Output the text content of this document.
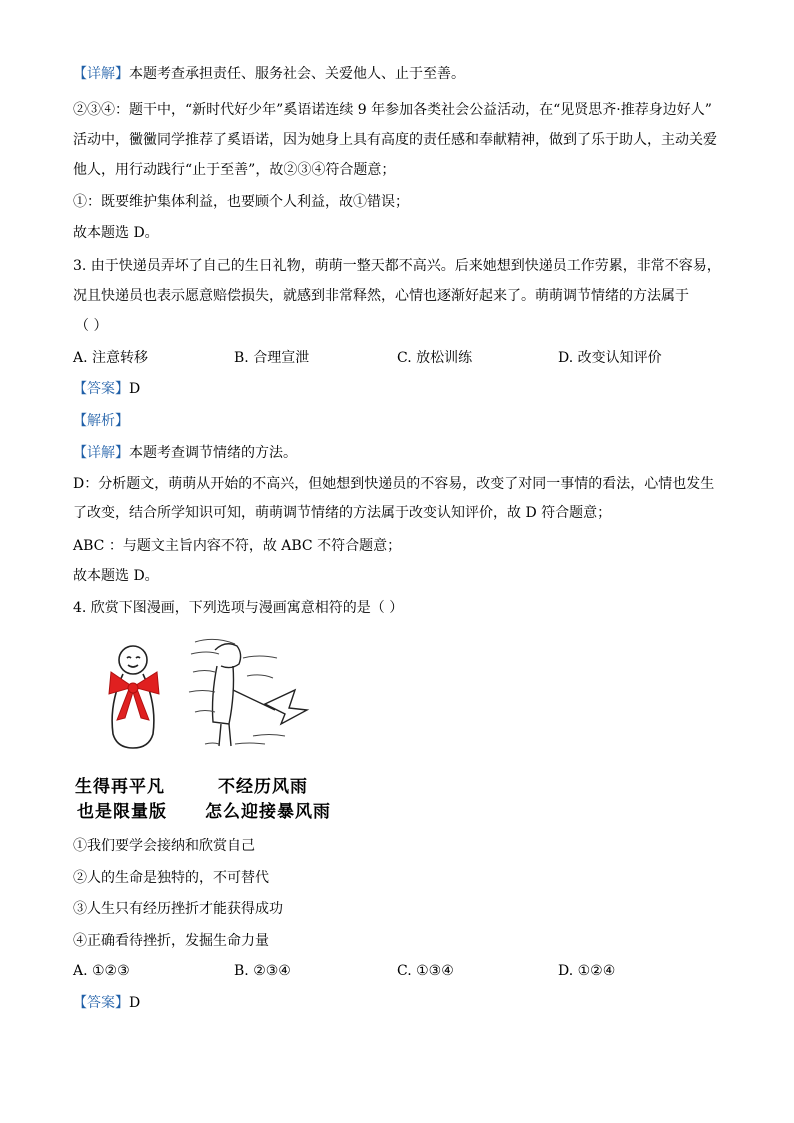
【详解】本题考查承担责任、服务社会、关爱他人、止于至善。
②③④：题干中，“新时代好少年”奚语诺连续 9 年参加各类社会公益活动，在“见贤思齐·推荐身边好人”
活动中，黴黴同学推荐了奚语诺，因为她身上具有高度的责任感和奉献精神，做到了乐于助人，主动关爱
他人，用行动践行“止于至善”，故②③④符合题意；
①：既要维护集体利益，也要顾个人利益，故①错误；
故本题选 D。
3. 由于快递员弄坏了自己的生日礼物，萌萌一整天都不高兴。后来她想到快递员工作劳累，非常不容易，
况且快递员也表示愿意赔偿损失，就感到非常释然，心情也逐渐好起来了。萌萌调节情绪的方法属于
（ ）
A. 注意转移	B. 合理宣泄	C. 放松训练	D. 改变认知评价
【答案】D
【解析】
【详解】本题考查调节情绪的方法。
D：分析题文，萌萌从开始的不高兴，但她想到快递员的不容易，改变了对同一事情的看法，心情也发生
了改变，结合所学知识可知，萌萌调节情绪的方法属于改变认知评价，故 D 符合题意；
ABC ：与题文主旨内容不符，故 ABC 不符合题意；
故本题选 D。
4. 欣赏下图漫画，下列选项与漫画寓意相符的是（ ）
生得再平凡
也是限量版
不经历风雨
怎么迎接暴风雨
①我们要学会接纳和欣赏自己
②人的生命是独特的，不可替代
③人生只有经历挫折才能获得成功
④正确看待挫折，发掘生命力量
A. ①②③	B. ②③④	C. ①③④	D. ①②④
【答案】D
